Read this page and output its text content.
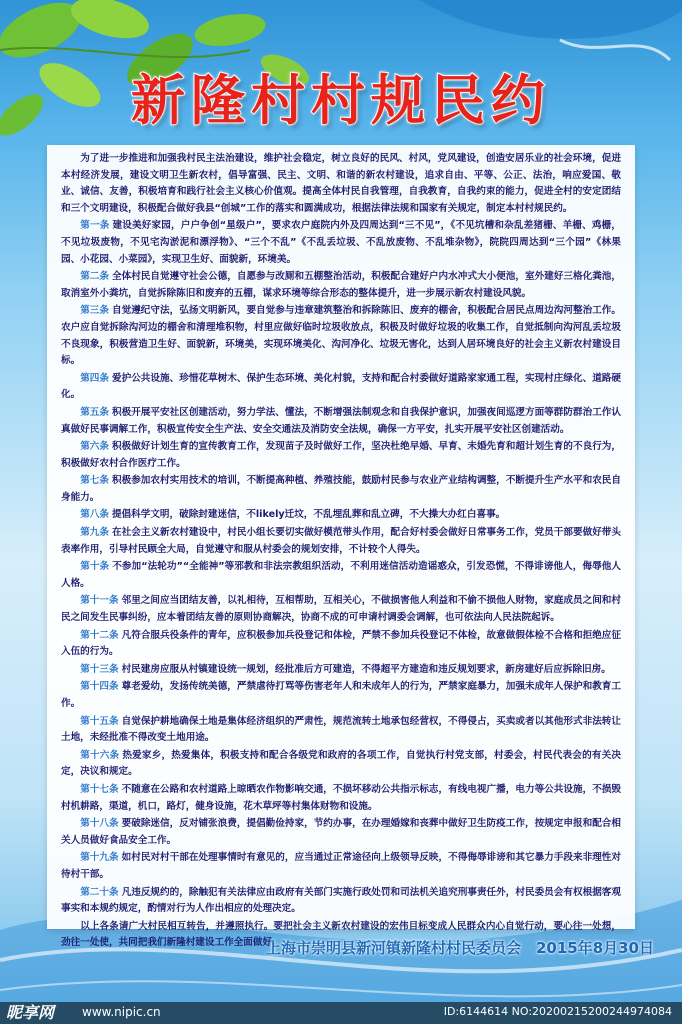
新隆村村规民约

为了进一步推进和加强我村民主法治建设，维护社会稳定，树立良好的民风、村风，党风建设，创造安居乐业的社会环境，促进本村经济发展，建设文明卫生新农村，倡导富强、民主、文明、和谐的新农村建设，追求自由、平等、公正、法治，响应爱国、敬业、诚信、友善，积极培育和践行社会主义核心价值观。提高全体村民自我管理，自我教育，自我约束的能力，促进全村的安定团结和三个文明建设，积极配合做好我县“创城”工作的落实和圆满成功，根据法律法规和国家有关规定，制定本村村规民约。

第一条 建设美好家园，户户争创“星级户”，要求农户庭院内外及四周达到“三不见”，《不见坑槽和杂乱差猪栅、羊栅、鸡栅，不见垃圾废物，不见宅沟淤泥和漂浮物》、“三个不乱”《不乱丢垃圾、不乱放废物、不乱堆杂物》，院院四周达到“三个园”《林果园、小花园、小菜园》，实现卫生好、面貌新，环境美。

第二条 全体村民自觉遵守社会公德，自愿参与改厕和五棚整治活动，积极配合建好户内水冲式大小便池，室外建好三格化粪池，取消室外小粪坑，自觉拆除陈旧和废弃的五棚，谋求环境等综合形态的整体提升，进一步展示新农村建设风貌。

第三条 自觉遵纪守法，弘扬文明新风，要自觉参与违章建筑整治和拆除陈旧、废弃的棚舍，积极配合居民点周边沟河整治工作。农户应自觉拆除沟河边的棚舍和清理堆积物，村里应做好临时垃圾收放点，积极及时做好垃圾的收集工作，自觉抵制向沟河乱丢垃圾不良现象，积极营造卫生好、面貌新，环境美，实现环境美化、沟河净化、垃圾无害化，达到人居环境良好的社会主义新农村建设目标。

第四条 爱护公共设施、珍惜花草树木、保护生态环境、美化村貌，支持和配合村委做好道路家家通工程，实现村庄绿化、道路硬化。

第五条 积极开展平安社区创建活动，努力学法、懂法，不断增强法制观念和自我保护意识，加强夜间巡逻方面等群防群治工作认真做好民事调解工作，积极宣传安全生产法、安全交通法及消防安全法规，确保一方平安，扎实开展平安社区创建活动。

第六条 积极做好计划生育的宣传教育工作，发现苗子及时做好工作，坚决杜绝早婚、早育、未婚先育和超计划生育的不良行为，积极做好农村合作医疗工作。

第七条 积极参加农村实用技术的培训，不断提高种植、养殖技能，鼓励村民参与农业产业结构调整，不断提升生产水平和农民自身能力。

第八条 提倡科学文明，破除封建迷信，不likely迁坟，不乱埋乱葬和乱立碑，不大操大办红白喜事。

第九条 在社会主义新农村建设中，村民小组长要切实做好模范带头作用，配合好村委会做好日常事务工作，党员干部要做好带头表率作用，引导村民顾全大局，自觉遵守和服从村委会的规划安排，不计较个人得失。

第十条 不参加“法轮功”“全能神”等邪教和非法宗教组织活动，不利用迷信活动造谣惑众，引发恐慌，不得诽谤他人，侮辱他人人格。

第十一条 邻里之间应当团结友善，以礼相待，互相帮助，互相关心，不做损害他人利益和不偷不损他人财物，家庭成员之间和村民之间发生民事纠纷，应本着团结友善的原则协商解决，协商不成的可申请村调委会调解，也可依法向人民法院起诉。

第十二条 凡符合服兵役条件的青年，应积极参加兵役登记和体检，严禁不参加兵役登记不体检，故意做假体检不合格和拒绝应征入伍的行为。

第十三条 村民建房应服从村镇建设统一规划，经批准后方可建造，不得超平方建造和违反规划要求，新房建好后应拆除旧房。

第十四条 尊老爱幼，发扬传统美德，严禁虐待打骂等伤害老年人和未成年人的行为，严禁家庭暴力，加强未成年人保护和教育工作。

第十五条 自觉保护耕地确保土地是集体经济组织的严肃性，规范流转土地承包经营权，不得侵占，买卖或者以其他形式非法转让土地，未经批准不得改变土地用途。

第十六条 热爱家乡，热爱集体，积极支持和配合各级党和政府的各项工作，自觉执行村党支部，村委会，村民代表会的有关决定，决议和规定。

第十七条 不随意在公路和农村道路上晾晒农作物影响交通，不损坏移动公共指示标志，有线电视广播，电力等公共设施，不损毁村机耕路，渠道，机口，路灯，健身设施，花木草坪等村集体财物和设施。

第十八条 要破除迷信，反对铺张浪费，提倡勤俭持家，节约办事，在办理婚嫁和丧葬中做好卫生防疫工作，按规定申报和配合相关人员做好食品安全工作。

第十九条 如村民对村干部在处理事情时有意见的，应当通过正常途径向上级领导反映，不得侮辱诽谤和其它暴力手段来非理性对待村干部。

第二十条 凡违反规约的，除触犯有关法律应由政府有关部门实施行政处罚和司法机关追究刑事责任外，村民委员会有权根据客观事实和本规约规定，酌情对行为人作出相应的处理决定。

以上各条请广大村民相互转告，并遵照执行。要把社会主义新农村建设的宏伟目标变成人民群众内心自觉行动，要心往一处想，劲往一处使，共同把我们新隆村建设工作全面做好。

上海市崇明县新河镇新隆村村民委员会　2015年8月30日
昵享网 www.nipic.cn	ID:6144614 NO:20200215200244974084
